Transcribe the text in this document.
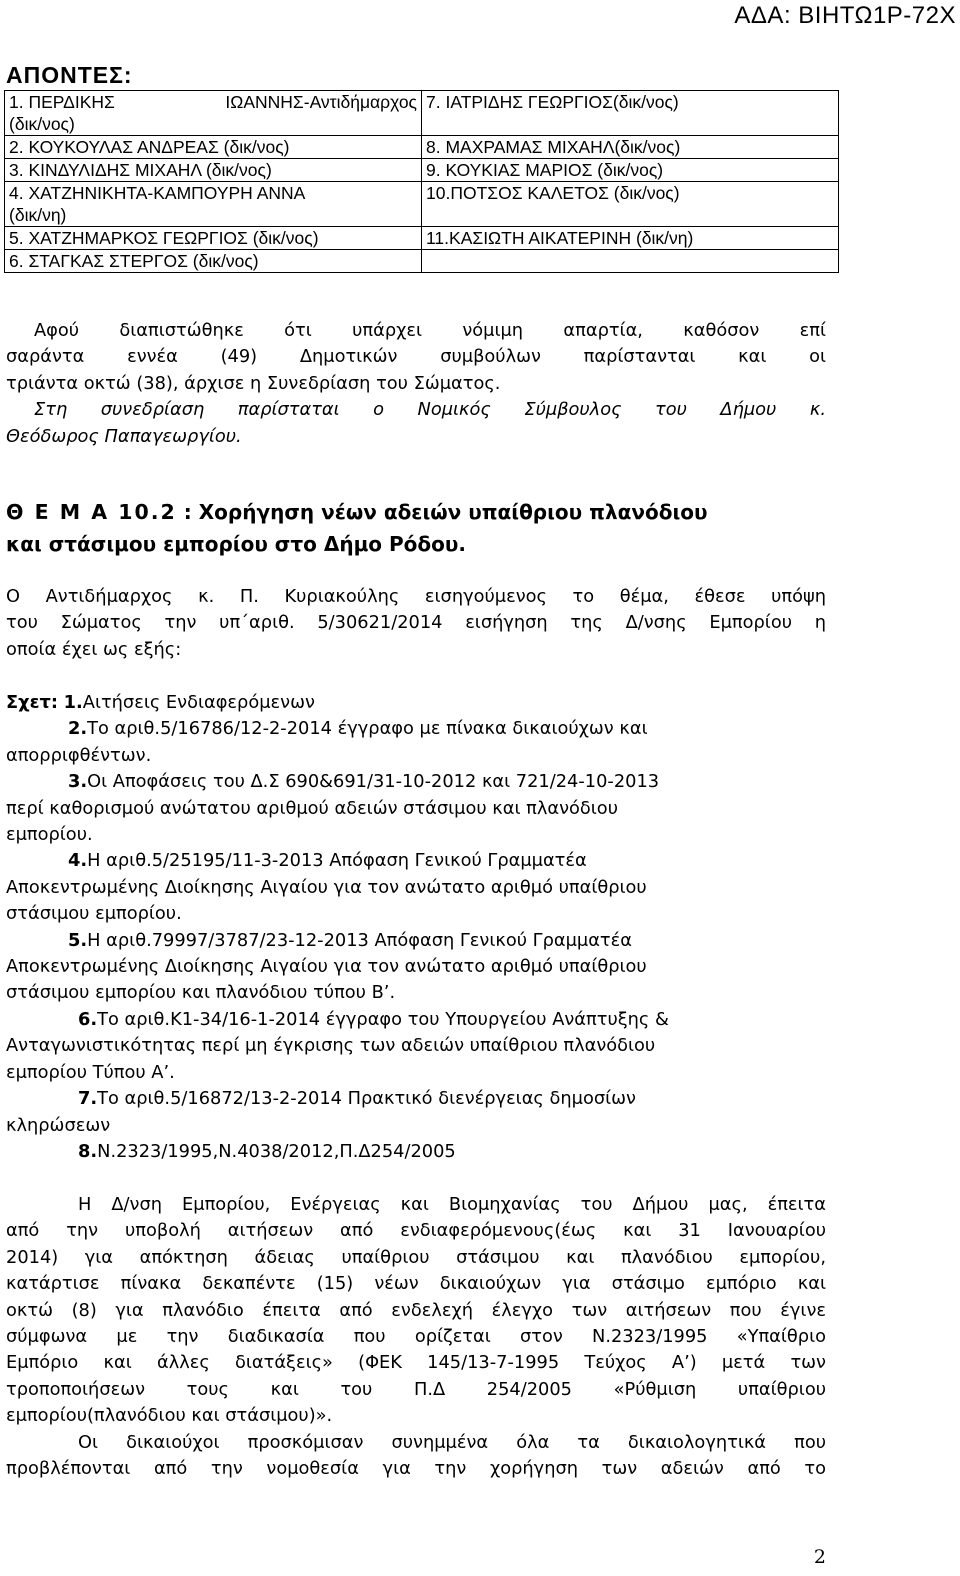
ΑΔΑ: ΒΙΗΤΩ1Ρ-72Χ
ΑΠΟΝΤΕΣ:
1. ΠΕΡΔΙΚΗΣ ΙΩΑΝΝΗΣ-Αντιδήμαρχος
(δικ/νος)	7. ΙΑΤΡΙΔΗΣ ΓΕΩΡΓΙΟΣ(δικ/νος)
2. ΚΟΥΚΟΥΛΑΣ ΑΝΔΡΕΑΣ (δικ/νος)	8. ΜΑΧΡΑΜΑΣ ΜΙΧΑΗΛ(δικ/νος)
3. ΚΙΝΔΥΛΙΔΗΣ ΜΙΧΑΗΛ (δικ/νος)	9. ΚΟΥΚΙΑΣ ΜΑΡΙΟΣ (δικ/νος)

4. ΧΑΤΖΗΝΙΚΗΤΑ-ΚΑΜΠΟΥΡΗ ΑΝΝΑ
(δικ/νη)	10.ΠΟΤΣΟΣ ΚΑΛΕΤΟΣ (δικ/νος)
5. ΧΑΤΖΗΜΑΡΚΟΣ ΓΕΩΡΓΙΟΣ (δικ/νος)	11.ΚΑΣΙΩΤΗ ΑΙΚΑΤΕΡΙΝΗ (δικ/νη)
6. ΣΤΑΓΚΑΣ ΣΤΕΡΓΟΣ (δικ/νος)	
Αφού διαπιστώθηκε ότι υπάρχει νόμιμη απαρτία, καθόσον επί
σαράντα εννέα (49) Δημοτικών συμβούλων παρίστανται και οι
τριάντα οκτώ (38), άρχισε η Συνεδρίαση του Σώματος.
Στη συνεδρίαση παρίσταται ο Νομικός Σύμβουλος του Δήμου κ.
Θεόδωρος Παπαγεωργίου.
Θ Ε Μ Α 10.2 : Χορήγηση νέων αδειών υπαίθριου πλανόδιου
και στάσιμου εμπορίου στο Δήμο Ρόδου.
Ο Αντιδήμαρχος κ. Π. Κυριακούλης εισηγούμενος το θέμα, έθεσε υπόψη
του Σώματος την υπ΄αριθ. 5/30621/2014 εισήγηση της Δ/νσης Εμπορίου η
οποία έχει ως εξής:
Σχετ: 1.Αιτήσεις Ενδιαφερόμενων
2.Το αριθ.5/16786/12-2-2014 έγγραφο με πίνακα δικαιούχων και
απορριφθέντων.
3.Οι Αποφάσεις του Δ.Σ 690&691/31-10-2012 και 721/24-10-2013
περί καθορισμού ανώτατου αριθμού αδειών στάσιμου και πλανόδιου
εμπορίου.
4.Η αριθ.5/25195/11-3-2013 Απόφαση Γενικού Γραμματέα
Αποκεντρωμένης Διοίκησης Αιγαίου για τον ανώτατο αριθμό υπαίθριου
στάσιμου εμπορίου.
5.Η αριθ.79997/3787/23-12-2013 Απόφαση Γενικού Γραμματέα
Αποκεντρωμένης Διοίκησης Αιγαίου για τον ανώτατο αριθμό υπαίθριου
στάσιμου εμπορίου και πλανόδιου τύπου Β’.
6.Το αριθ.Κ1-34/16-1-2014 έγγραφο του Υπουργείου Ανάπτυξης &
Ανταγωνιστικότητας περί μη έγκρισης των αδειών υπαίθριου πλανόδιου
εμπορίου Τύπου Α’.
7.Το αριθ.5/16872/13-2-2014 Πρακτικό διενέργειας δημοσίων
κληρώσεων
8.Ν.2323/1995,Ν.4038/2012,Π.Δ254/2005
Η Δ/νση Εμπορίου, Ενέργειας και Βιομηχανίας του Δήμου μας, έπειτα
από την υποβολή αιτήσεων από ενδιαφερόμενους(έως και 31 Ιανουαρίου
2014) για απόκτηση άδειας υπαίθριου στάσιμου και πλανόδιου εμπορίου,
κατάρτισε πίνακα δεκαπέντε (15) νέων δικαιούχων για στάσιμο εμπόριο και
οκτώ (8) για πλανόδιο έπειτα από ενδελεχή έλεγχο των αιτήσεων που έγινε
σύμφωνα με την διαδικασία που ορίζεται στον Ν.2323/1995 «Υπαίθριο
Εμπόριο και άλλες διατάξεις» (ΦΕΚ 145/13-7-1995 Τεύχος Α’) μετά των
τροποποιήσεων τους και του Π.Δ 254/2005 «Ρύθμιση υπαίθριου
εμπορίου(πλανόδιου και στάσιμου)».
Οι δικαιούχοι προσκόμισαν συνημμένα όλα τα δικαιολογητικά που
προβλέπονται από την νομοθεσία για την χορήγηση των αδειών από το
2
